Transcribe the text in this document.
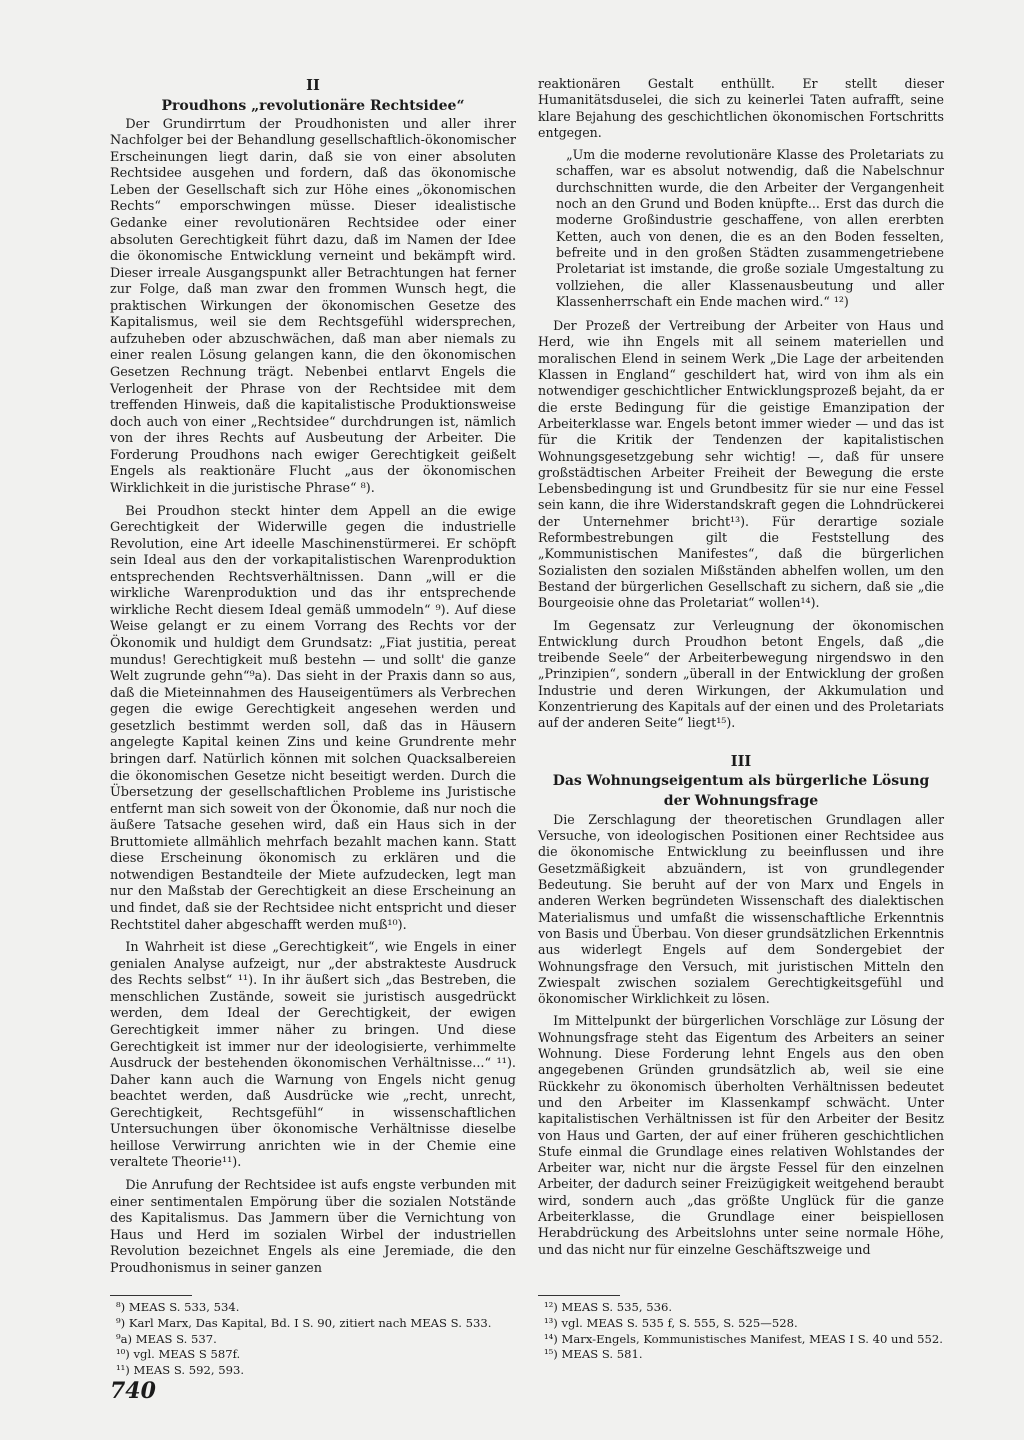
II
Proudhons „revolutionäre Rechtsidee“

Der Grundirrtum der Proudhonisten und aller ihrer Nachfolger bei der Behandlung gesellschaftlich-ökonomischer Erscheinungen liegt darin, daß sie von einer absoluten Rechtsidee ausgehen und fordern, daß das ökonomische Leben der Gesellschaft sich zur Höhe eines „ökonomischen Rechts“ emporschwingen müsse. Dieser idealistische Gedanke einer revolutionären Rechtsidee oder einer absoluten Gerechtigkeit führt dazu, daß im Namen der Idee die ökonomische Entwicklung verneint und bekämpft wird. Dieser irreale Ausgangspunkt aller Betrachtungen hat ferner zur Folge, daß man zwar den frommen Wunsch hegt, die praktischen Wirkungen der ökonomischen Gesetze des Kapitalismus, weil sie dem Rechtsgefühl widersprechen, aufzuheben oder abzuschwächen, daß man aber niemals zu einer realen Lösung gelangen kann, die den ökonomischen Gesetzen Rechnung trägt. Nebenbei entlarvt Engels die Verlogenheit der Phrase von der Rechtsidee mit dem treffenden Hinweis, daß die kapitalistische Produktionsweise doch auch von einer „Rechtsidee“ durchdrungen ist, nämlich von der ihres Rechts auf Ausbeutung der Arbeiter. Die Forderung Proudhons nach ewiger Gerechtigkeit geißelt Engels als reaktionäre Flucht „aus der ökonomischen Wirklichkeit in die juristische Phrase“ ⁸).

Bei Proudhon steckt hinter dem Appell an die ewige Gerechtigkeit der Widerwille gegen die industrielle Revolution, eine Art ideelle Maschinenstürmerei. Er schöpft sein Ideal aus den der vorkapitalistischen Warenproduktion entsprechenden Rechtsverhältnissen. Dann „will er die wirkliche Warenproduktion und das ihr entsprechende wirkliche Recht diesem Ideal gemäß ummodeln“ ⁹). Auf diese Weise gelangt er zu einem Vorrang des Rechts vor der Ökonomik und huldigt dem Grundsatz: „Fiat justitia, pereat mundus! Gerechtigkeit muß bestehn — und sollt' die ganze Welt zugrunde gehn“⁹a). Das sieht in der Praxis dann so aus, daß die Mieteinnahmen des Hauseigentümers als Verbrechen gegen die ewige Gerechtigkeit angesehen werden und gesetzlich bestimmt werden soll, daß das in Häusern angelegte Kapital keinen Zins und keine Grundrente mehr bringen darf. Natürlich können mit solchen Quacksalbereien die ökonomischen Gesetze nicht beseitigt werden. Durch die Übersetzung der gesellschaftlichen Probleme ins Juristische entfernt man sich soweit von der Ökonomie, daß nur noch die äußere Tatsache gesehen wird, daß ein Haus sich in der Bruttomiete allmählich mehrfach bezahlt machen kann. Statt diese Erscheinung ökonomisch zu erklären und die notwendigen Bestandteile der Miete aufzudecken, legt man nur den Maßstab der Gerechtigkeit an diese Erscheinung an und findet, daß sie der Rechtsidee nicht entspricht und dieser Rechtstitel daher abgeschafft werden muß¹⁰).

In Wahrheit ist diese „Gerechtigkeit“, wie Engels in einer genialen Analyse aufzeigt, nur „der abstrakteste Ausdruck des Rechts selbst“ ¹¹). In ihr äußert sich „das Bestreben, die menschlichen Zustände, soweit sie juristisch ausgedrückt werden, dem Ideal der Gerechtigkeit, der ewigen Gerechtigkeit immer näher zu bringen. Und diese Gerechtigkeit ist immer nur der ideologisierte, verhimmelte Ausdruck der bestehenden ökonomischen Verhältnisse...“ ¹¹). Daher kann auch die Warnung von Engels nicht genug beachtet werden, daß Ausdrücke wie „recht, unrecht, Gerechtigkeit, Rechtsgefühl“ in wissenschaftlichen Untersuchungen über ökonomische Verhältnisse dieselbe heillose Verwirrung anrichten wie in der Chemie eine veraltete Theorie¹¹).

Die Anrufung der Rechtsidee ist aufs engste verbunden mit einer sentimentalen Empörung über die sozialen Notstände des Kapitalismus. Das Jammern über die Vernichtung von Haus und Herd im sozialen Wirbel der industriellen Revolution bezeichnet Engels als eine Jeremiade, die den Proudhonismus in seiner ganzen

reaktionären Gestalt enthüllt. Er stellt dieser Humanitätsduselei, die sich zu keinerlei Taten aufrafft, seine klare Bejahung des geschichtlichen ökonomischen Fortschritts entgegen.

„Um die moderne revolutionäre Klasse des Proletariats zu schaffen, war es absolut notwendig, daß die Nabelschnur durchschnitten wurde, die den Arbeiter der Vergangenheit noch an den Grund und Boden knüpfte... Erst das durch die moderne Großindustrie geschaffene, von allen ererbten Ketten, auch von denen, die es an den Boden fesselten, befreite und in den großen Städten zusammengetriebene Proletariat ist imstande, die große soziale Umgestaltung zu vollziehen, die aller Klassenausbeutung und aller Klassenherrschaft ein Ende machen wird.“ ¹²)

Der Prozeß der Vertreibung der Arbeiter von Haus und Herd, wie ihn Engels mit all seinem materiellen und moralischen Elend in seinem Werk „Die Lage der arbeitenden Klassen in England“ geschildert hat, wird von ihm als ein notwendiger geschichtlicher Entwicklungsprozeß bejaht, da er die erste Bedingung für die geistige Emanzipation der Arbeiterklasse war. Engels betont immer wieder — und das ist für die Kritik der Tendenzen der kapitalistischen Wohnungsgesetzgebung sehr wichtig! —, daß für unsere großstädtischen Arbeiter Freiheit der Bewegung die erste Lebensbedingung ist und Grundbesitz für sie nur eine Fessel sein kann, die ihre Widerstandskraft gegen die Lohndrückerei der Unternehmer bricht¹³). Für derartige soziale Reformbestrebungen gilt die Feststellung des „Kommunistischen Manifestes“, daß die bürgerlichen Sozialisten den sozialen Mißständen abhelfen wollen, um den Bestand der bürgerlichen Gesellschaft zu sichern, daß sie „die Bourgeoisie ohne das Proletariat“ wollen¹⁴).

Im Gegensatz zur Verleugnung der ökonomischen Entwicklung durch Proudhon betont Engels, daß „die treibende Seele“ der Arbeiterbewegung nirgendswo in den „Prinzipien“, sondern „überall in der Entwicklung der großen Industrie und deren Wirkungen, der Akkumulation und Konzentrierung des Kapitals auf der einen und des Proletariats auf der anderen Seite“ liegt¹⁵).

III
Das Wohnungseigentum als bürgerliche Lösung
der Wohnungsfrage

Die Zerschlagung der theoretischen Grundlagen aller Versuche, von ideologischen Positionen einer Rechtsidee aus die ökonomische Entwicklung zu beeinflussen und ihre Gesetzmäßigkeit abzuändern, ist von grundlegender Bedeutung. Sie beruht auf der von Marx und Engels in anderen Werken begründeten Wissenschaft des dialektischen Materialismus und umfaßt die wissenschaftliche Erkenntnis von Basis und Überbau. Von dieser grundsätzlichen Erkenntnis aus widerlegt Engels auf dem Sondergebiet der Wohnungsfrage den Versuch, mit juristischen Mitteln den Zwiespalt zwischen sozialem Gerechtigkeitsgefühl und ökonomischer Wirklichkeit zu lösen.

Im Mittelpunkt der bürgerlichen Vorschläge zur Lösung der Wohnungsfrage steht das Eigentum des Arbeiters an seiner Wohnung. Diese Forderung lehnt Engels aus den oben angegebenen Gründen grundsätzlich ab, weil sie eine Rückkehr zu ökonomisch überholten Verhältnissen bedeutet und den Arbeiter im Klassenkampf schwächt. Unter kapitalistischen Verhältnissen ist für den Arbeiter der Besitz von Haus und Garten, der auf einer früheren geschichtlichen Stufe einmal die Grundlage eines relativen Wohlstandes der Arbeiter war, nicht nur die ärgste Fessel für den einzelnen Arbeiter, der dadurch seiner Freizügigkeit weitgehend beraubt wird, sondern auch „das größte Unglück für die ganze Arbeiterklasse, die Grundlage einer beispiellosen Herabdrückung des Arbeitslohns unter seine normale Höhe, und das nicht nur für einzelne Geschäftszweige und

⁸) MEAS S. 533, 534.
⁹) Karl Marx, Das Kapital, Bd. I S. 90, zitiert nach MEAS S. 533.
⁹a) MEAS S. 537.
¹⁰) vgl. MEAS S 587f.
¹¹) MEAS S. 592, 593.
¹²) MEAS S. 535, 536.
¹³) vgl. MEAS S. 535 f, S. 555, S. 525—528.
¹⁴) Marx-Engels, Kommunistisches Manifest, MEAS I S. 40 und 552.
¹⁵) MEAS S. 581.
740
